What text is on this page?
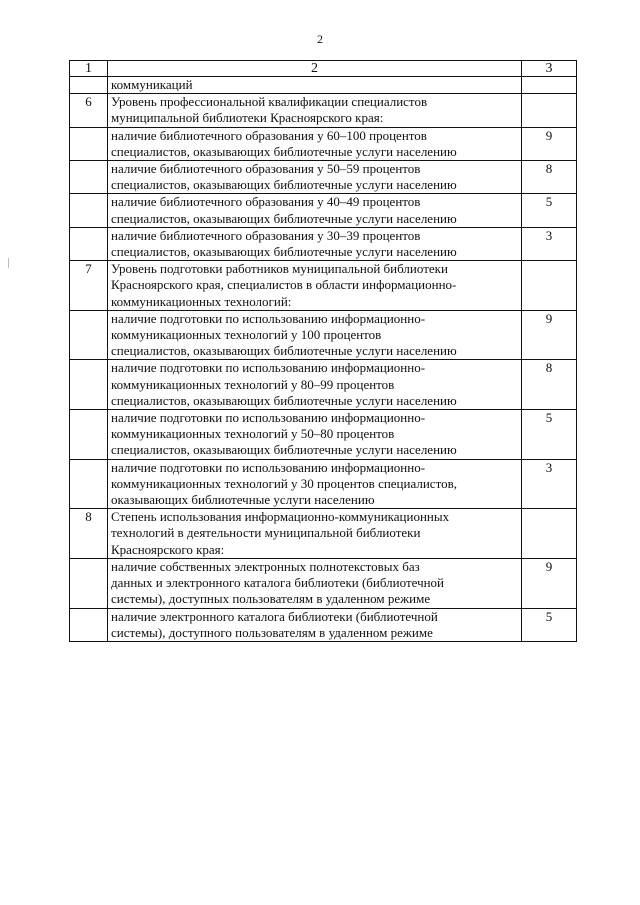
2
1	2	3
	коммуникаций	
6	Уровень профессиональной квалификации специалистов
муниципальной библиотеки Красноярского края:	
	наличие библиотечного образования у 60–100 процентов
специалистов, оказывающих библиотечные услуги населению	9
	наличие библиотечного образования у 50–59 процентов
специалистов, оказывающих библиотечные услуги населению	8
	наличие библиотечного образования у 40–49 процентов
специалистов, оказывающих библиотечные услуги населению	5
	наличие библиотечного образования у 30–39 процентов
специалистов, оказывающих библиотечные услуги населению	3
7	Уровень подготовки работников муниципальной библиотеки
Красноярского края, специалистов в области информационно-
коммуникационных технологий:	
	наличие подготовки по использованию информационно-
коммуникационных технологий у 100 процентов
специалистов, оказывающих библиотечные услуги населению	9
	наличие подготовки по использованию информационно-
коммуникационных технологий у 80–99 процентов
специалистов, оказывающих библиотечные услуги населению	8
	наличие подготовки по использованию информационно-
коммуникационных технологий у 50–80 процентов
специалистов, оказывающих библиотечные услуги населению	5
	наличие подготовки по использованию информационно-
коммуникационных технологий у 30 процентов специалистов,
оказывающих библиотечные услуги населению	3
8	Степень использования информационно-коммуникационных
технологий в деятельности муниципальной библиотеки
Красноярского края:	
	наличие собственных электронных полнотекстовых баз
данных и электронного каталога библиотеки (библиотечной
системы), доступных пользователям в удаленном режиме	9
	наличие электронного каталога библиотеки (библиотечной
системы), доступного пользователям в удаленном режиме	5
